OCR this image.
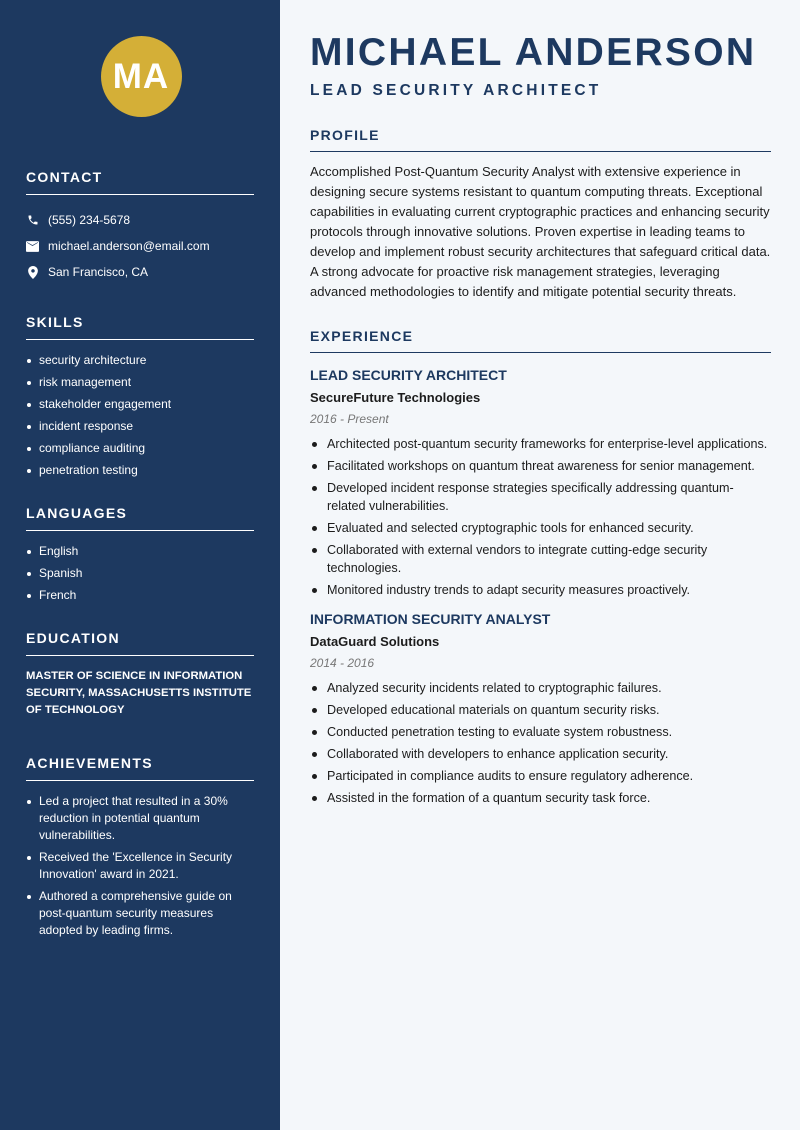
MA
CONTACT
(555) 234-5678
michael.anderson@email.com
San Francisco, CA
SKILLS
security architecture
risk management
stakeholder engagement
incident response
compliance auditing
penetration testing
LANGUAGES
English
Spanish
French
EDUCATION

MASTER OF SCIENCE IN INFORMATION SECURITY, MASSACHUSETTS INSTITUTE OF TECHNOLOGY

ACHIEVEMENTS
Led a project that resulted in a 30% reduction in potential quantum vulnerabilities.
Received the 'Excellence in Security Innovation' award in 2021.
Authored a comprehensive guide on post-quantum security measures adopted by leading firms.
MICHAEL ANDERSON
LEAD SECURITY ARCHITECT
PROFILE

Accomplished Post-Quantum Security Analyst with extensive experience in designing secure systems resistant to quantum computing threats. Exceptional capabilities in evaluating current cryptographic practices and enhancing security protocols through innovative solutions. Proven expertise in leading teams to develop and implement robust security architectures that safeguard critical data. A strong advocate for proactive risk management strategies, leveraging advanced methodologies to identify and mitigate potential security threats.

EXPERIENCE
LEAD SECURITY ARCHITECT
SecureFuture Technologies
2016 - Present
Architected post-quantum security frameworks for enterprise-level applications.
Facilitated workshops on quantum threat awareness for senior management.
Developed incident response strategies specifically addressing quantum-related vulnerabilities.
Evaluated and selected cryptographic tools for enhanced security.
Collaborated with external vendors to integrate cutting-edge security technologies.
Monitored industry trends to adapt security measures proactively.
INFORMATION SECURITY ANALYST
DataGuard Solutions
2014 - 2016
Analyzed security incidents related to cryptographic failures.
Developed educational materials on quantum security risks.
Conducted penetration testing to evaluate system robustness.
Collaborated with developers to enhance application security.
Participated in compliance audits to ensure regulatory adherence.
Assisted in the formation of a quantum security task force.
